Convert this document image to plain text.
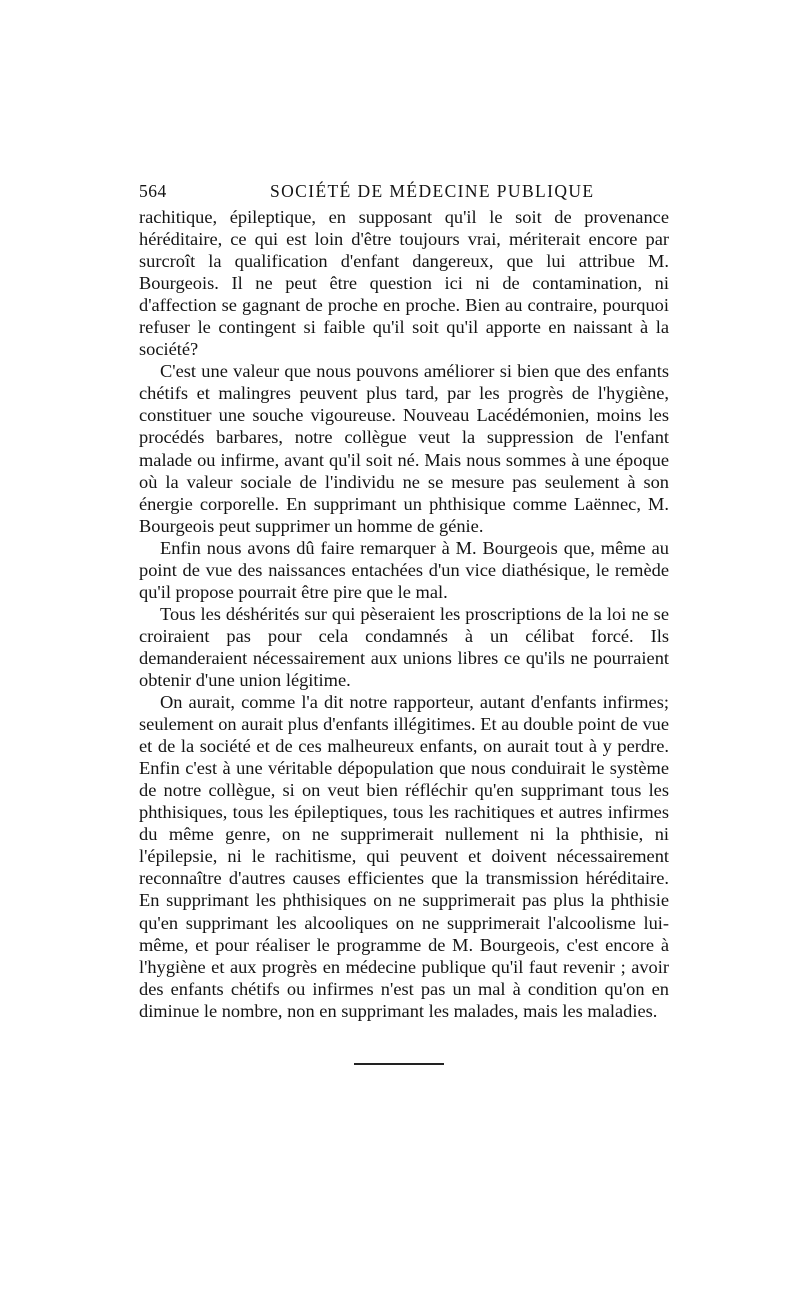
564	SOCIÉTÉ DE MÉDECINE PUBLIQUE

rachitique, épileptique, en supposant qu'il le soit de provenance héréditaire, ce qui est loin d'être toujours vrai, mériterait encore par surcroît la qualification d'enfant dangereux, que lui attribue M. Bourgeois. Il ne peut être question ici ni de contamination, ni d'affection se gagnant de proche en proche. Bien au contraire, pourquoi refuser le contingent si faible qu'il soit qu'il apporte en naissant à la société?

C'est une valeur que nous pouvons améliorer si bien que des enfants chétifs et malingres peuvent plus tard, par les progrès de l'hygiène, constituer une souche vigoureuse. Nouveau Lacédémonien, moins les procédés barbares, notre collègue veut la suppression de l'enfant malade ou infirme, avant qu'il soit né. Mais nous sommes à une époque où la valeur sociale de l'individu ne se mesure pas seulement à son énergie corporelle. En supprimant un phthisique comme Laënnec, M. Bourgeois peut supprimer un homme de génie.

Enfin nous avons dû faire remarquer à M. Bourgeois que, même au point de vue des naissances entachées d'un vice diathésique, le remède qu'il propose pourrait être pire que le mal.

Tous les déshérités sur qui pèseraient les proscriptions de la loi ne se croiraient pas pour cela condamnés à un célibat forcé. Ils demanderaient nécessairement aux unions libres ce qu'ils ne pourraient obtenir d'une union légitime.

On aurait, comme l'a dit notre rapporteur, autant d'enfants infirmes; seulement on aurait plus d'enfants illégitimes. Et au double point de vue et de la société et de ces malheureux enfants, on aurait tout à y perdre. Enfin c'est à une véritable dépopulation que nous conduirait le système de notre collègue, si on veut bien réfléchir qu'en supprimant tous les phthisiques, tous les épileptiques, tous les rachitiques et autres infirmes du même genre, on ne supprimerait nullement ni la phthisie, ni l'épilepsie, ni le rachitisme, qui peuvent et doivent nécessairement reconnaître d'autres causes efficientes que la transmission héréditaire. En supprimant les phthisiques on ne supprimerait pas plus la phthisie qu'en supprimant les alcooliques on ne supprimerait l'alcoolisme lui-même, et pour réaliser le programme de M. Bourgeois, c'est encore à l'hygiène et aux progrès en médecine publique qu'il faut revenir ; avoir des enfants chétifs ou infirmes n'est pas un mal à condition qu'on en diminue le nombre, non en supprimant les malades, mais les maladies.
